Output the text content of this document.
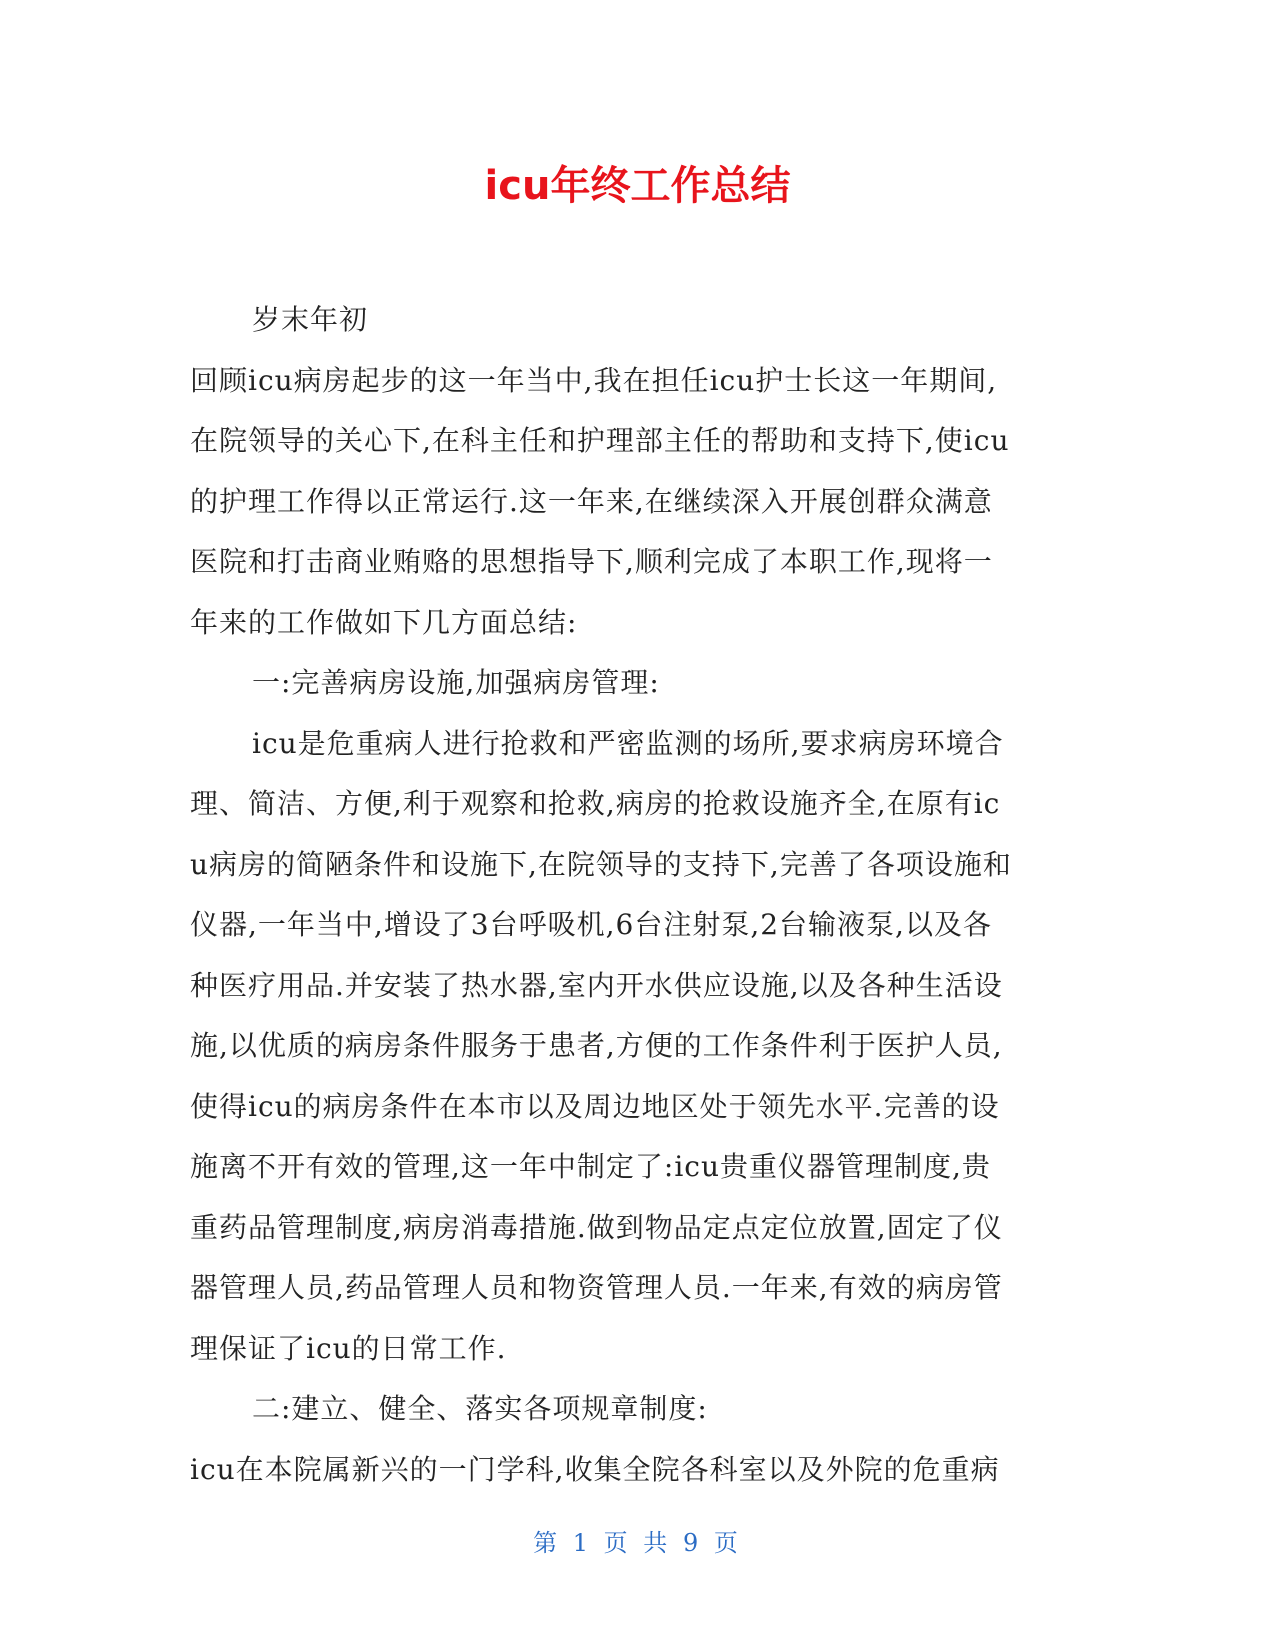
icu年终工作总结

岁末年初

回顾icu病房起步的这一年当中,我在担任icu护士长这一年期间,

在院领导的关心下,在科主任和护理部主任的帮助和支持下,使icu

的护理工作得以正常运行.这一年来,在继续深入开展创群众满意

医院和打击商业贿赂的思想指导下,顺利完成了本职工作,现将一

年来的工作做如下几方面总结:

一:完善病房设施,加强病房管理:

icu是危重病人进行抢救和严密监测的场所,要求病房环境合

理、简洁、方便,利于观察和抢救,病房的抢救设施齐全,在原有ic

u病房的简陋条件和设施下,在院领导的支持下,完善了各项设施和

仪器,一年当中,增设了3台呼吸机,6台注射泵,2台输液泵,以及各

种医疗用品.并安装了热水器,室内开水供应设施,以及各种生活设

施,以优质的病房条件服务于患者,方便的工作条件利于医护人员,

使得icu的病房条件在本市以及周边地区处于领先水平.完善的设

施离不开有效的管理,这一年中制定了:icu贵重仪器管理制度,贵

重药品管理制度,病房消毒措施.做到物品定点定位放置,固定了仪

器管理人员,药品管理人员和物资管理人员.一年来,有效的病房管

理保证了icu的日常工作.

二:建立、健全、落实各项规章制度:

icu在本院属新兴的一门学科,收集全院各科室以及外院的危重病

第 1 页 共 9 页
